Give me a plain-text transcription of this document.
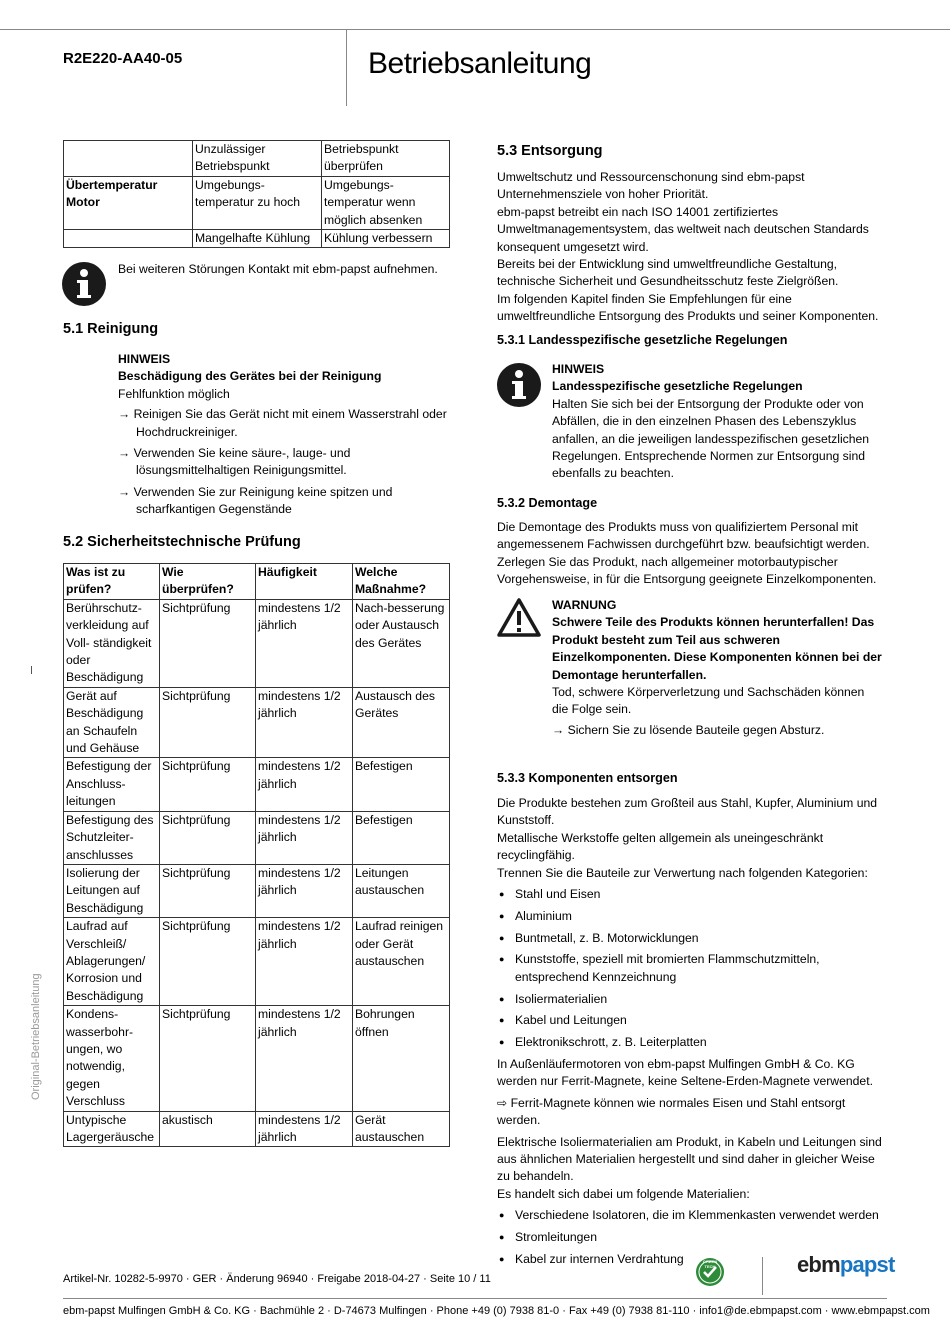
R2E220-AA40-05	Betriebsanleitung
Original-Betriebsanleitung
	Unzulässiger Betriebspunkt	Betriebspunkt überprüfen
Übertemperatur Motor	Umgebungs-temperatur zu hoch	Umgebungs-temperatur wenn möglich absenken
	Mangelhafte Kühlung	Kühlung verbessern
Bei weiteren Störungen Kontakt mit ebm-papst aufnehmen.
5.1 Reinigung
HINWEIS
Beschädigung des Gerätes bei der Reinigung
Fehlfunktion möglich
→ Reinigen Sie das Gerät nicht mit einem Wasserstrahl oder Hochdruckreiniger.
→ Verwenden Sie keine säure-, lauge- und lösungsmittelhaltigen Reinigungsmittel.
→ Verwenden Sie zur Reinigung keine spitzen und scharfkantigen Gegenstände
5.2 Sicherheitstechnische Prüfung
Was ist zu prüfen?	Wie überprüfen?	Häufigkeit	Welche Maßnahme?
Berührschutz-verkleidung auf Voll- ständigkeit oder Beschädigung	Sichtprüfung	mindestens 1/2 jährlich	Nach-besserung oder Austausch des Gerätes
Gerät auf Beschädigung an Schaufeln und Gehäuse	Sichtprüfung	mindestens 1/2 jährlich	Austausch des Gerätes
Befestigung der Anschluss-leitungen	Sichtprüfung	mindestens 1/2 jährlich	Befestigen
Befestigung des Schutzleiter-anschlusses	Sichtprüfung	mindestens 1/2 jährlich	Befestigen
Isolierung der Leitungen auf Beschädigung	Sichtprüfung	mindestens 1/2 jährlich	Leitungen austauschen
Laufrad auf Verschleiß/ Ablagerungen/ Korrosion und Beschädigung	Sichtprüfung	mindestens 1/2 jährlich	Laufrad reinigen oder Gerät austauschen
Kondens-wasserbohr-ungen, wo notwendig, gegen Verschluss	Sichtprüfung	mindestens 1/2 jährlich	Bohrungen öffnen
Untypische Lagergeräusche	akustisch	mindestens 1/2 jährlich	Gerät austauschen
5.3 Entsorgung
Umweltschutz und Ressourcenschonung sind ebm-papst Unternehmensziele von hoher Priorität.
ebm-papst betreibt ein nach ISO 14001 zertifiziertes Umweltmanagementsystem, das weltweit nach deutschen Standards konsequent umgesetzt wird.
Bereits bei der Entwicklung sind umweltfreundliche Gestaltung, technische Sicherheit und Gesundheitsschutz feste Zielgrößen.
Im folgenden Kapitel finden Sie Empfehlungen für eine umweltfreundliche Entsorgung des Produkts und seiner Komponenten.
5.3.1 Landesspezifische gesetzliche Regelungen
HINWEIS
Landesspezifische gesetzliche Regelungen
Halten Sie sich bei der Entsorgung der Produkte oder von Abfällen, die in den einzelnen Phasen des Lebenszyklus anfallen, an die jeweiligen landesspezifischen gesetzlichen Regelungen. Entsprechende Normen zur Entsorgung sind ebenfalls zu beachten.
5.3.2 Demontage
Die Demontage des Produkts muss von qualifiziertem Personal mit angemessenem Fachwissen durchgeführt bzw. beaufsichtigt werden. Zerlegen Sie das Produkt, nach allgemeiner motorbautypischer Vorgehensweise, in für die Entsorgung geeignete Einzelkomponenten.
WARNUNG
Schwere Teile des Produkts können herunterfallen! Das Produkt besteht zum Teil aus schweren Einzelkomponenten. Diese Komponenten können bei der Demontage herunterfallen.
Tod, schwere Körperverletzung und Sachschäden können die Folge sein.
→ Sichern Sie zu lösende Bauteile gegen Absturz.
5.3.3 Komponenten entsorgen
Die Produkte bestehen zum Großteil aus Stahl, Kupfer, Aluminium und Kunststoff.
Metallische Werkstoffe gelten allgemein als uneingeschränkt recyclingfähig.
Trennen Sie die Bauteile zur Verwertung nach folgenden Kategorien:
● Stahl und Eisen
● Aluminium
● Buntmetall, z. B. Motorwicklungen
● Kunststoffe, speziell mit bromierten Flammschutzmitteln, entsprechend Kennzeichnung
● Isoliermaterialien
● Kabel und Leitungen
● Elektronikschrott, z. B. Leiterplatten
In Außenläufermotoren von ebm-papst Mulfingen GmbH & Co. KG werden nur Ferrit-Magnete, keine Seltene-Erden-Magnete verwendet.
⇨ Ferrit-Magnete können wie normales Eisen und Stahl entsorgt werden.
Elektrische Isoliermaterialien am Produkt, in Kabeln und Leitungen sind aus ähnlichen Materialien hergestellt und sind daher in gleicher Weise zu behandeln.
Es handelt sich dabei um folgende Materialien:
● Verschiedene Isolatoren, die im Klemmenkasten verwendet werden
● Stromleitungen
● Kabel zur internen Verdrahtung
Artikel-Nr. 10282-5-9970 · GER · Änderung 96940 · Freigabe 2018-04-27 · Seite 10 / 11
GREEN TECH	ebmpapst
ebm-papst Mulfingen GmbH & Co. KG · Bachmühle 2 · D-74673 Mulfingen · Phone +49 (0) 7938 81-0 · Fax +49 (0) 7938 81-110 · info1@de.ebmpapst.com · www.ebmpapst.com
